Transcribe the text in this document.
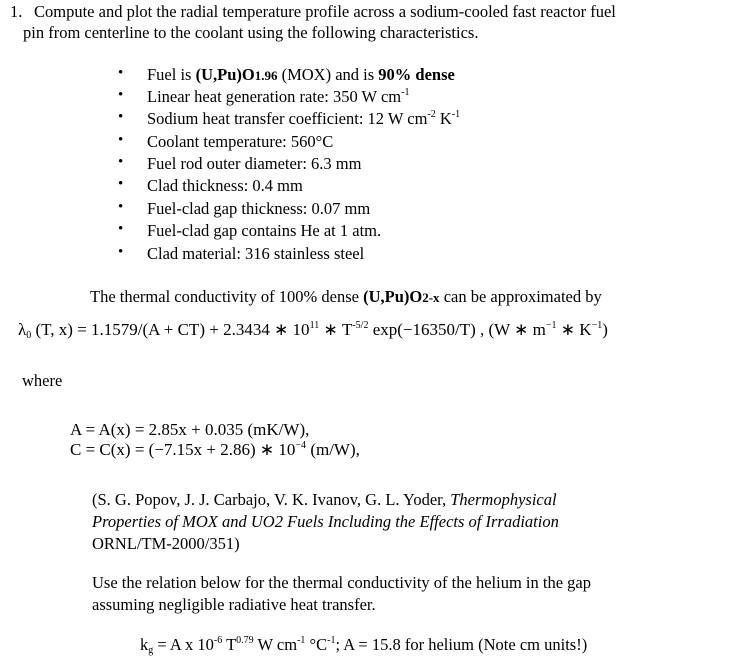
1. Compute and plot the radial temperature profile across a sodium-cooled fast reactor fuel
pin from centerline to the coolant using the following characteristics.
• Fuel is (U,Pu)O1.96 (MOX) and is 90% dense
• Linear heat generation rate: 350 W $cm^{-1}$
• Sodium heat transfer coefficient: 12 W $cm^{-2}$ $K^{-1}$
• Coolant temperature: 560°C
• Fuel rod outer diameter: 6.3 mm
• Clad thickness: 0.4 mm
• Fuel-clad gap thickness: 0.07 mm
• Fuel-clad gap contains He at 1 atm.
• Clad material: 316 stainless steel
The thermal conductivity of 100% dense (U,Pu)O2-x can be approximated by
$\lambda_0$ (T, x) = 1.1579/(A + CT) + 2.3434 ∗ $10^{11}$ ∗ $T^{-5/2}$ exp(−16350/T) , (W ∗ $m^{-1}$ ∗ $K^{-1}$)
where
A = A(x) = 2.85x + 0.035 (mK/W),
C = C(x) = (−7.15x + 2.86) ∗ $10^{-4}$ (m/W),
(S. G. Popov, J. J. Carbajo, V. K. Ivanov, G. L. Yoder, Thermophysical
Properties of MOX and UO2 Fuels Including the Effects of Irradiation
ORNL/TM-2000/351)
Use the relation below for the thermal conductivity of the helium in the gap
assuming negligible radiative heat transfer.
$k_g = A$ x $10^{-6}$ $T^{0.79}$ W $cm^{-1}$ $^\circ C^{-1}$; A = 15.8 for helium (Note cm units!)
